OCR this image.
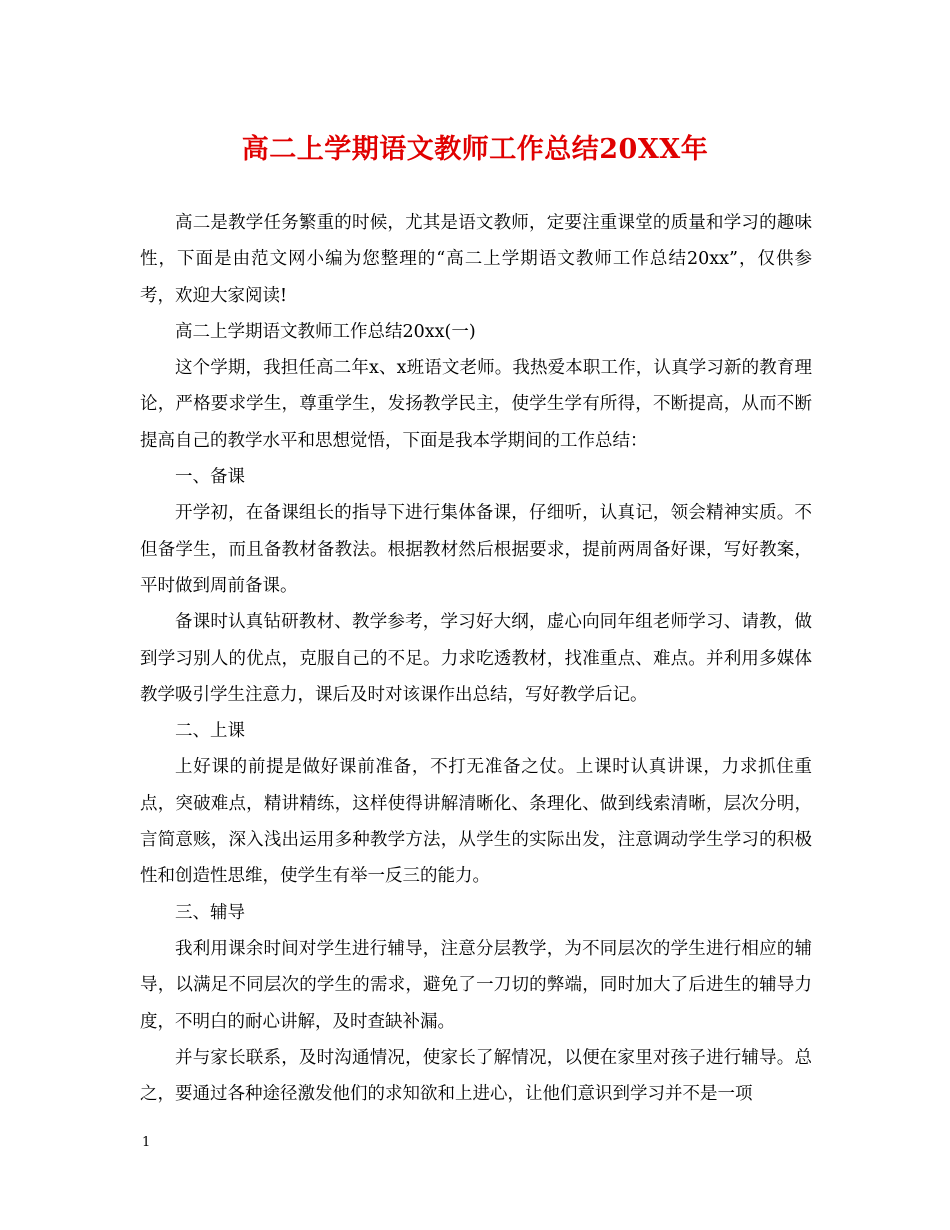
高二上学期语文教师工作总结20XX年

高二是教学任务繁重的时候，尤其是语文教师，定要注重课堂的质量和学习的趣味性，下面是由范文网小编为您整理的“高二上学期语文教师工作总结20xx”，仅供参考，欢迎大家阅读!

高二上学期语文教师工作总结20xx(一)

这个学期，我担任高二年x、x班语文老师。我热爱本职工作，认真学习新的教育理论，严格要求学生，尊重学生，发扬教学民主，使学生学有所得，不断提高，从而不断提高自己的教学水平和思想觉悟，下面是我本学期间的工作总结：

一、备课

开学初，在备课组长的指导下进行集体备课，仔细听，认真记，领会精神实质。不但备学生，而且备教材备教法。根据教材然后根据要求，提前两周备好课，写好教案，平时做到周前备课。

备课时认真钻研教材、教学参考，学习好大纲，虚心向同年组老师学习、请教，做到学习别人的优点，克服自己的不足。力求吃透教材，找准重点、难点。并利用多媒体教学吸引学生注意力，课后及时对该课作出总结，写好教学后记。

二、上课

上好课的前提是做好课前准备，不打无准备之仗。上课时认真讲课，力求抓住重点，突破难点，精讲精练，这样使得讲解清晰化、条理化、做到线索清晰，层次分明，言简意赅，深入浅出运用多种教学方法，从学生的实际出发，注意调动学生学习的积极性和创造性思维，使学生有举一反三的能力。

三、辅导

我利用课余时间对学生进行辅导，注意分层教学，为不同层次的学生进行相应的辅导，以满足不同层次的学生的需求，避免了一刀切的弊端，同时加大了后进生的辅导力度，不明白的耐心讲解，及时查缺补漏。

并与家长联系，及时沟通情况，使家长了解情况，以便在家里对孩子进行辅导。总之，要通过各种途径激发他们的求知欲和上进心，让他们意识到学习并不是一项

1
